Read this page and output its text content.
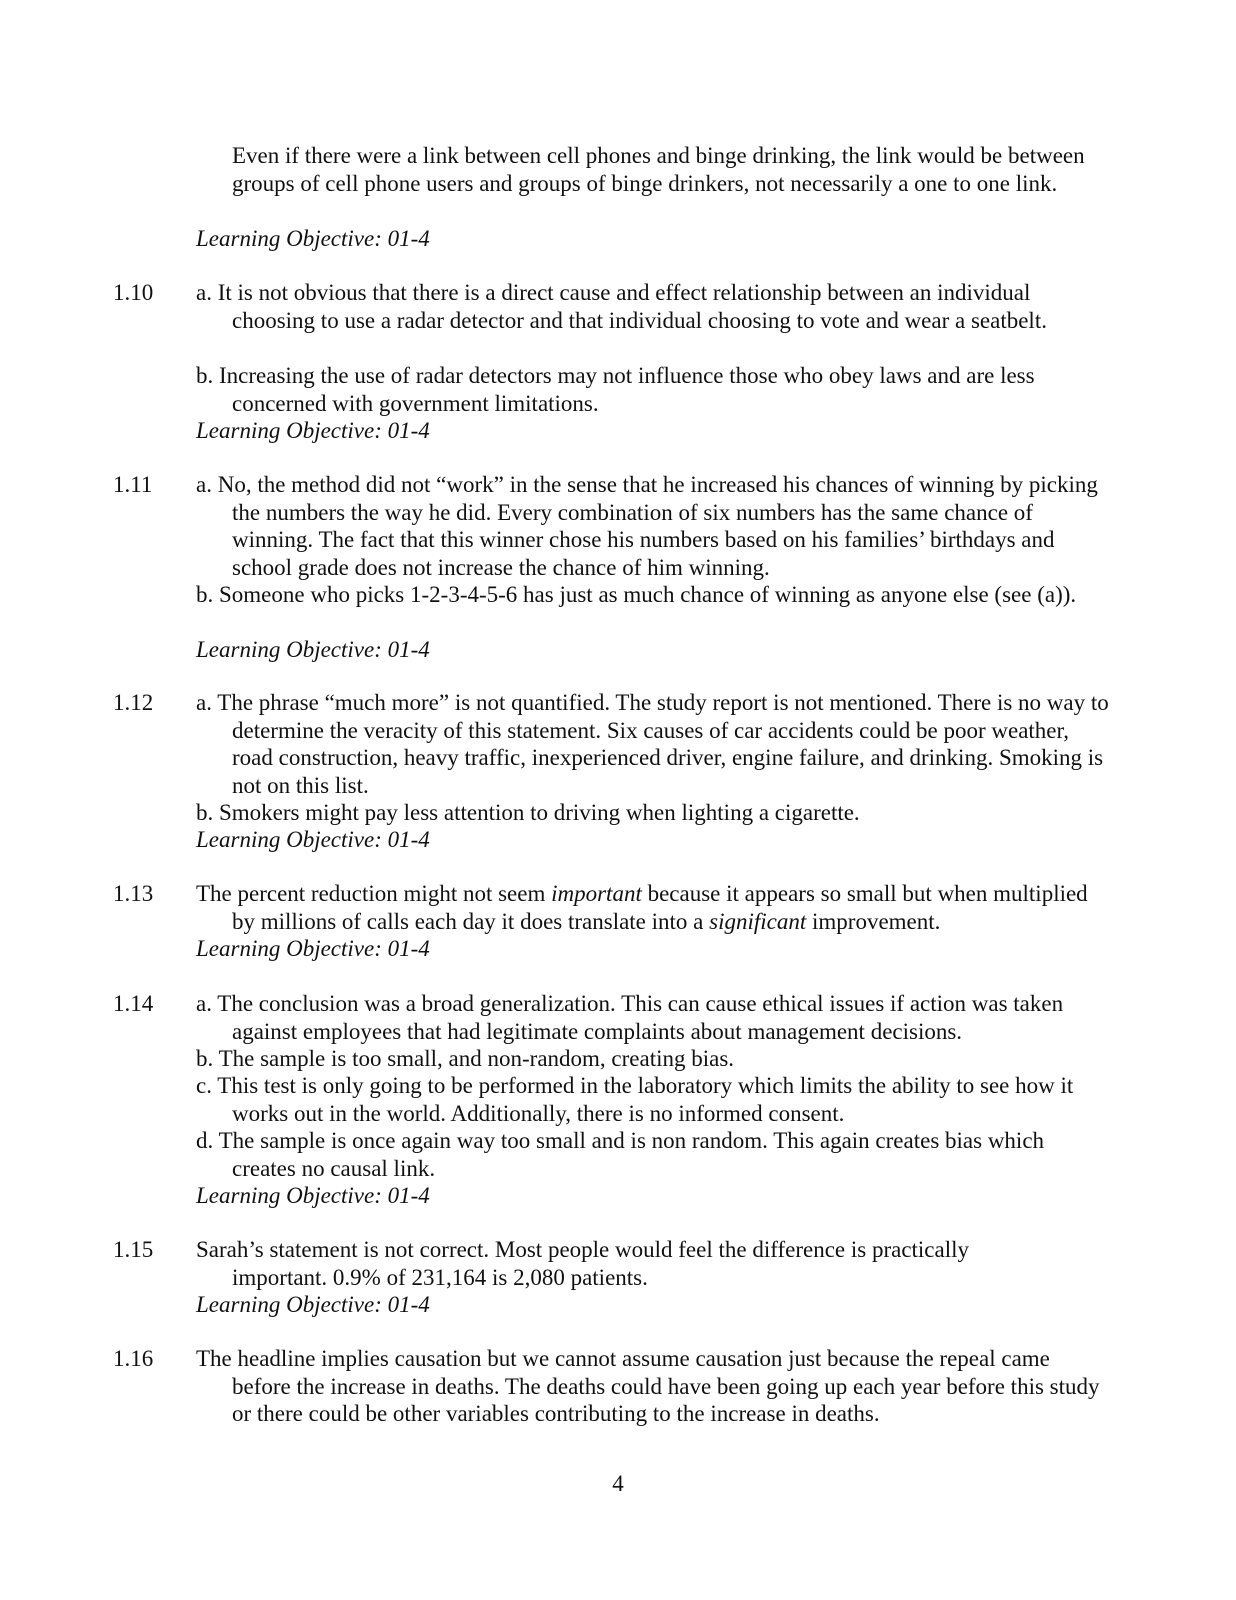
Even if there were a link between cell phones and binge drinking, the link would be between groups of cell phone users and groups of binge drinkers, not necessarily a one to one link.

Learning Objective: 01-4

1.10	a. It is not obvious that there is a direct cause and effect relationship between an individual choosing to use a radar detector and that individual choosing to vote and wear a seatbelt.

b. Increasing the use of radar detectors may not influence those who obey laws and are less concerned with government limitations.

Learning Objective: 01-4

1.11	a. No, the method did not “work” in the sense that he increased his chances of winning by picking the numbers the way he did. Every combination of six numbers has the same chance of winning. The fact that this winner chose his numbers based on his families’ birthdays and school grade does not increase the chance of him winning.

b. Someone who picks 1-2-3-4-5-6 has just as much chance of winning as anyone else (see (a)).

Learning Objective: 01-4

1.12	a. The phrase “much more” is not quantified. The study report is not mentioned. There is no way to determine the veracity of this statement. Six causes of car accidents could be poor weather, road construction, heavy traffic, inexperienced driver, engine failure, and drinking. Smoking is not on this list.

b. Smokers might pay less attention to driving when lighting a cigarette.

Learning Objective: 01-4

1.13	The percent reduction might not seem important because it appears so small but when multiplied by millions of calls each day it does translate into a significant improvement.

Learning Objective: 01-4

1.14	a. The conclusion was a broad generalization. This can cause ethical issues if action was taken against employees that had legitimate complaints about management decisions.

b. The sample is too small, and non-random, creating bias.

c. This test is only going to be performed in the laboratory which limits the ability to see how it works out in the world. Additionally, there is no informed consent.

d. The sample is once again way too small and is non random. This again creates bias which creates no causal link.

Learning Objective: 01-4

1.15	Sarah’s statement is not correct. Most people would feel the difference is practically important. 0.9% of 231,164 is 2,080 patients.

Learning Objective: 01-4

1.16	The headline implies causation but we cannot assume causation just because the repeal came before the increase in deaths. The deaths could have been going up each year before this study or there could be other variables contributing to the increase in deaths.

4
